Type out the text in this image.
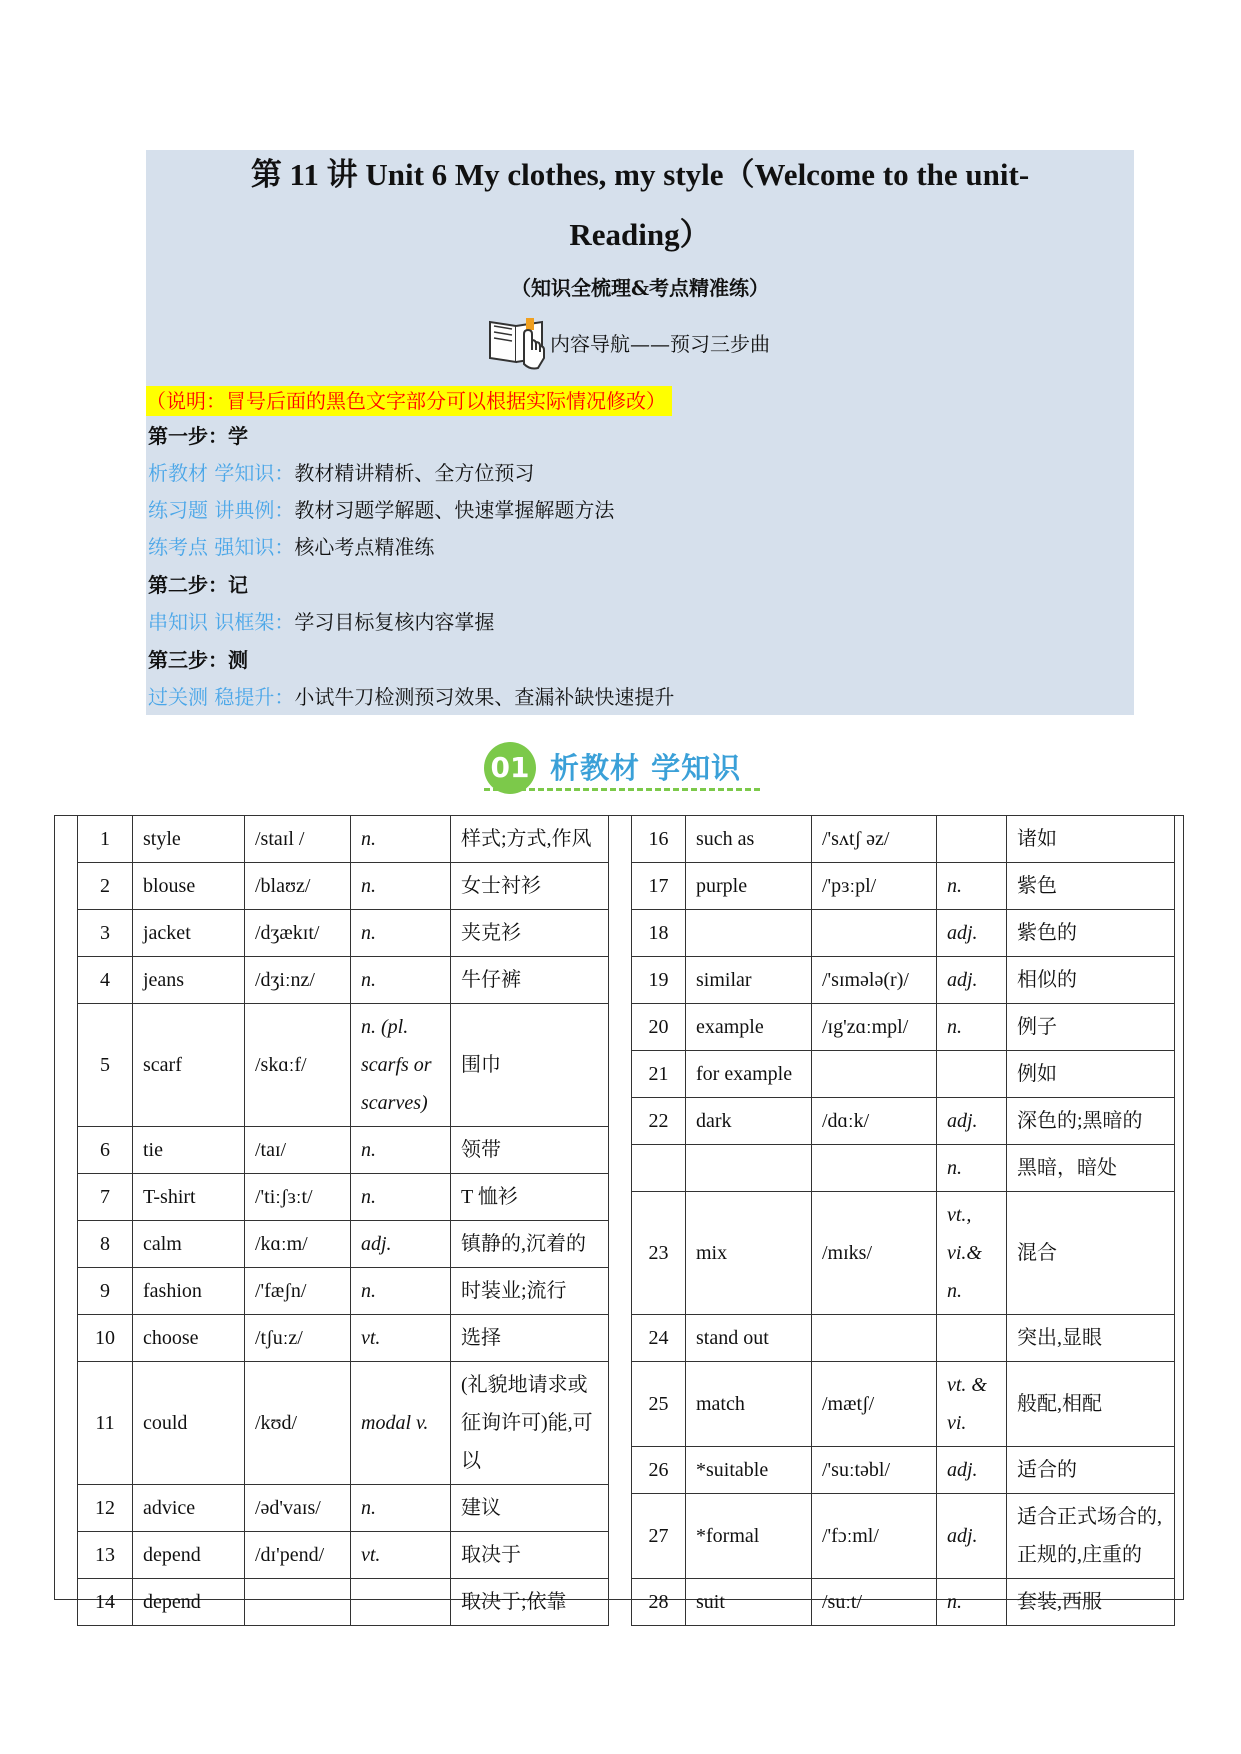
第 11 讲 Unit 6 My clothes, my style（Welcome to the unit-
Reading）
（知识全梳理&考点精准练）
内容导航——预习三步曲
（说明：冒号后面的黑色文字部分可以根据实际情况修改）
第一步：学
析教材 学知识：教材精讲精析、全方位预习
练习题 讲典例：教材习题学解题、快速掌握解题方法
练考点 强知识：核心考点精准练
第二步：记
串知识 识框架：学习目标复核内容掌握
第三步：测
过关测 稳提升：小试牛刀检测预习效果、查漏补缺快速提升
01 析教材 学知识
1	style	/staɪl /	n.	样式;方式,作风
2	blouse	/blaʊz/	n.	女士衬衫
3	jacket	/dʒækɪt/	n.	夹克衫
4	jeans	/dʒiːnz/	n.	牛仔裤
5	scarf	/skɑːf/	n. (pl. scarfs or scarves)	围巾
6	tie	/taɪ/	n.	领带
7	T-shirt	/'tiːʃɜːt/	n.	T 恤衫
8	calm	/kɑːm/	adj.	镇静的,沉着的
9	fashion	/'fæʃn/	n.	时装业;流行
10	choose	/tʃuːz/	vt.	选择
11	could	/kʊd/	modal v.	(礼貌地请求或征询许可)能,可以
12	advice	/əd'vaɪs/	n.	建议
13	depend	/dɪ'pend/	vt.	取决于
14	depend			取决于;依靠
16	such as	/'sʌtʃ əz/		诸如
17	purple	/'pɜːpl/	n.	紫色
18			adj.	紫色的
19	similar	/'sɪmələ(r)/	adj.	相似的
20	example	/ɪg'zɑːmpl/	n.	例子
21	for example			例如
22	dark	/dɑːk/	adj.	深色的;黑暗的
			n.	黑暗，暗处
23	mix	/mɪks/	vt., vi.& n.	混合
24	stand out			突出,显眼
25	match	/mætʃ/	vt. & vi.	般配,相配
26	*suitable	/'suːtəbl/	adj.	适合的
27	*formal	/'fɔːml/	adj.	适合正式场合的,正规的,庄重的
28	suit	/suːt/	n.	套装,西服
